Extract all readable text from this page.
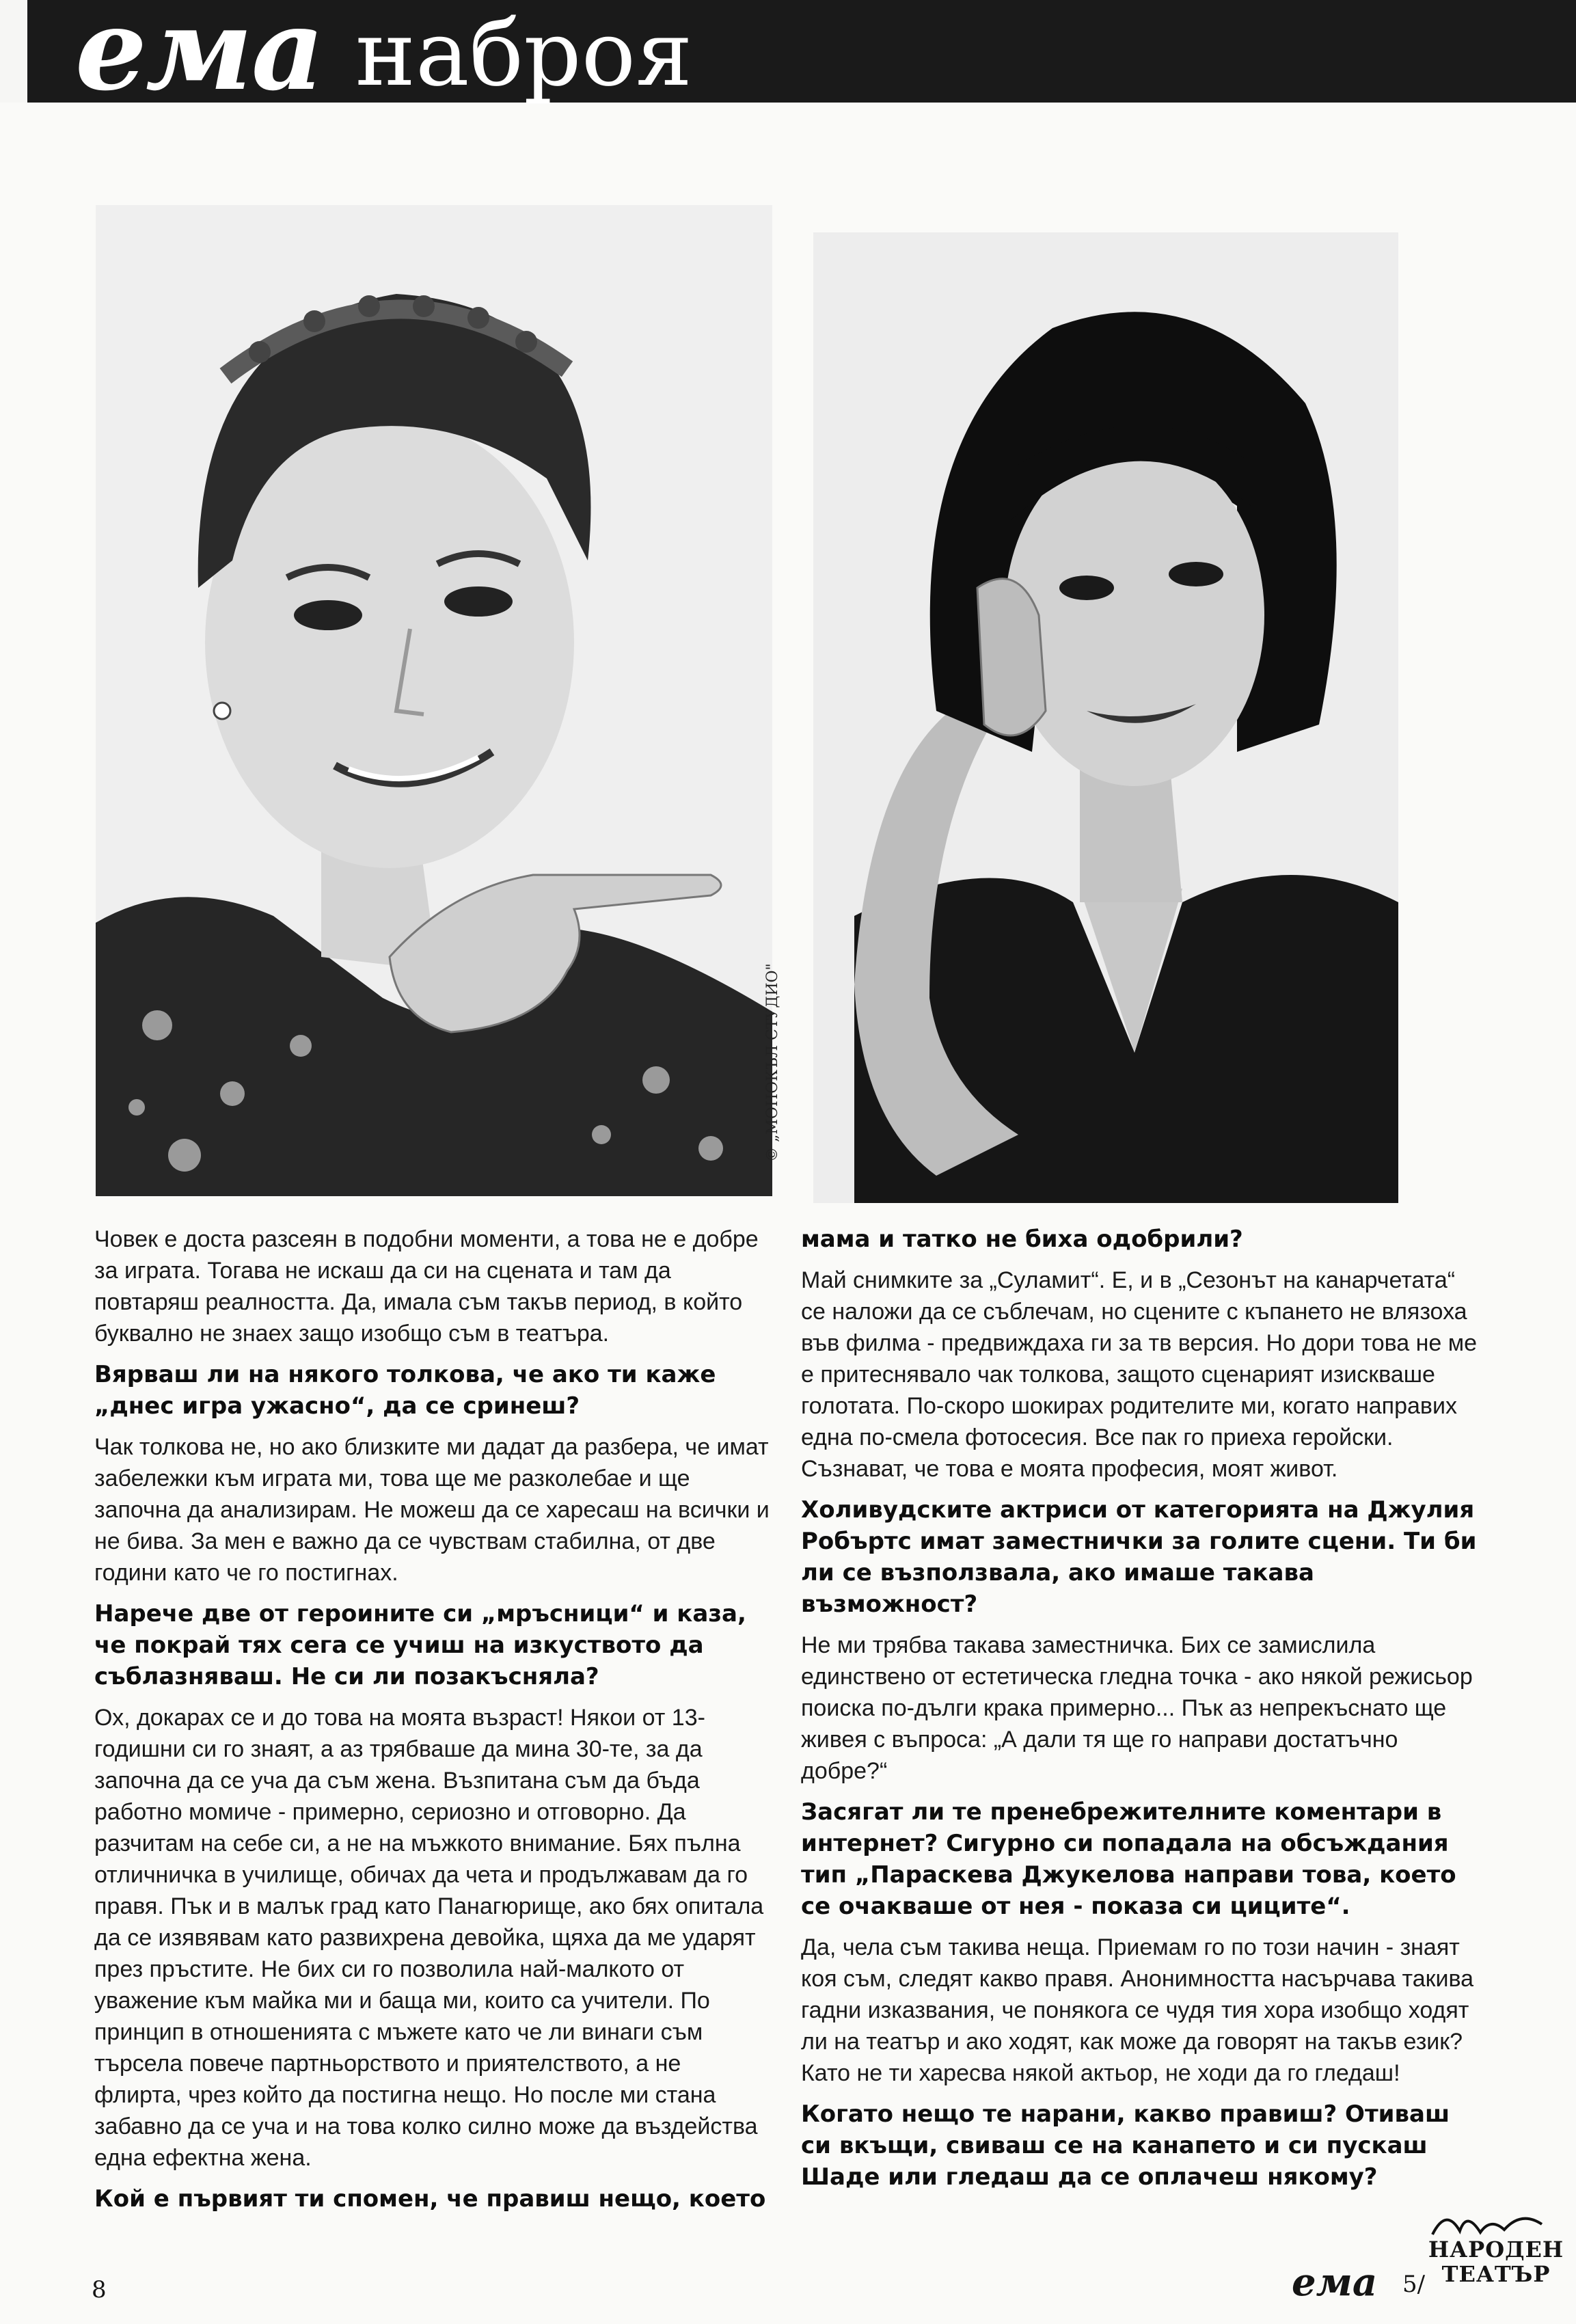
ема наброя
© „МОНОКЪЛ СТУДИО"

Човек е доста разсеян в подобни моменти, а това не е добре за играта. Тогава не искаш да си на сцената и там да повтаряш реалността. Да, имала съм такъв период, в който буквално не знаех защо изобщо съм в театъра.

Вярваш ли на някого толкова, че ако ти каже „днес игра ужасно“, да се сринеш?

Чак толкова не, но ако близките ми дадат да разбера, че имат забележки към играта ми, това ще ме разколебае и ще започна да анализирам. Не можеш да се харесаш на всички и не бива. За мен е важно да се чувствам стабилна, от две години като че го постигнах.

Нарече две от героините си „мръсници“ и каза, че покрай тях сега се учиш на изкуството да съблазняваш. Не си ли позакъсняла?

Ох, докарах се и до това на моята възраст! Някои от 13-годишни си го знаят, а аз трябваше да мина 30-те, за да започна да се уча да съм жена. Възпитана съм да бъда работно момиче - примерно, сериозно и отговорно. Да разчитам на себе си, а не на мъжкото внимание. Бях пълна отличничка в училище, обичах да чета и продължавам да го правя. Пък и в малък град като Панагюрище, ако бях опитала да се изявявам като развихрена девойка, щяха да ме ударят през пръстите. Не бих си го позволила най-малкото от уважение към майка ми и баща ми, които са учители. По принцип в отношенията с мъжете като че ли винаги съм търсела повече партньорството и приятелството, а не флирта, чрез който да постигна нещо. Но после ми стана забавно да се уча и на това колко силно може да въздейства една ефектна жена.

Кой е първият ти спомен, че правиш нещо, което

мама и татко не биха одобрили?

Май снимките за „Суламит“. Е, и в „Сезонът на канарчетата“ се наложи да се съблечам, но сцените с къпането не влязоха във филма - предвиждаха ги за тв версия. Но дори това не ме е притеснявало чак толкова, защото сценарият изискваше голотата. По-скоро шокирах родителите ми, когато направих една по-смела фотосесия. Все пак го приеха геройски. Съзнават, че това е моята професия, моят живот.

Холивудските актриси от категорията на Джулия Робъртс имат заместнички за голите сцени. Ти би ли се възползвала, ако имаше такава възможност?

Не ми трябва такава заместничка. Бих се замислила единствено от естетическа гледна точка - ако някой режисьор поиска по-дълги крака примерно... Пък аз непрекъснато ще живея с въпроса: „А дали тя ще го направи достатъчно добре?“

Засягат ли те пренебрежителните коментари в интернет? Сигурно си попадала на обсъждания тип „Параскева Джукелова направи това, което се очакваше от нея - показа си циците“.

Да, чела съм такива неща. Приемам го по този начин - знаят коя съм, следят какво правя. Анонимността насърчава такива гадни изказвания, че понякога се чудя тия хора изобщо ходят ли на театър и ако ходят, как може да говорят на такъв език? Като не ти харесва някой актьор, не ходи да го гледаш!

Когато нещо те нарани, какво правиш? Отиваш си вкъщи, свиваш се на канапето и си пускаш Шаде или гледаш да се оплачеш някому?

8	ема 5/
НАРОДЕН
ТЕАТЪР
